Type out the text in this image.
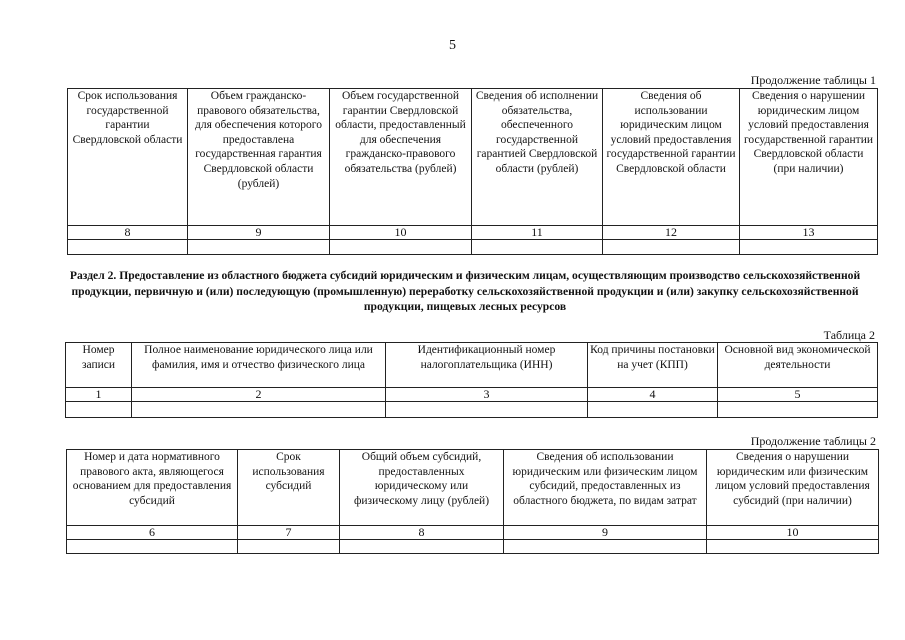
5
Продолжение таблицы 1
Срок использования государственной гарантии Свердловской области	Объем гражданско-правового обязательства, для обеспечения которого предоставлена государственная гарантия Свердловской области (рублей)	Объем государственной гарантии Свердловской области, предоставленный для обеспечения гражданско-правового обязательства (рублей)	Сведения об исполнении обязательства, обеспеченного государственной гарантией Свердловской области (рублей)	Сведения об использовании юридическим лицом условий предоставления государственной гарантии Свердловской области	Сведения о нарушении юридическим лицом условий предоставления государственной гарантии Свердловской области (при наличии)
8	9	10	11	12	13

Раздел 2. Предоставление из областного бюджета субсидий юридическим и физическим лицам, осуществляющим производство сельскохозяйственной продукции, первичную и (или) последующую (промышленную) переработку сельскохозяйственной продукции и (или) закупку сельскохозяйственной продукции, пищевых лесных ресурсов
Таблица 2
Номер записи	Полное наименование юридического лица или фамилия, имя и отчество физического лица	Идентификационный номер налогоплательщика (ИНН)	Код причины постановки на учет (КПП)	Основной вид экономической деятельности
1	2	3	4	5

Продолжение таблицы 2
Номер и дата нормативного правового акта, являющегося основанием для предоставления субсидий	Срок использования субсидий	Общий объем субсидий, предоставленных юридическому или физическому лицу (рублей)	Сведения об использовании юридическим или физическим лицом субсидий, предоставленных из областного бюджета, по видам затрат	Сведения о нарушении юридическим или физическим лицом условий предоставления субсидий (при наличии)
6	7	8	9	10
